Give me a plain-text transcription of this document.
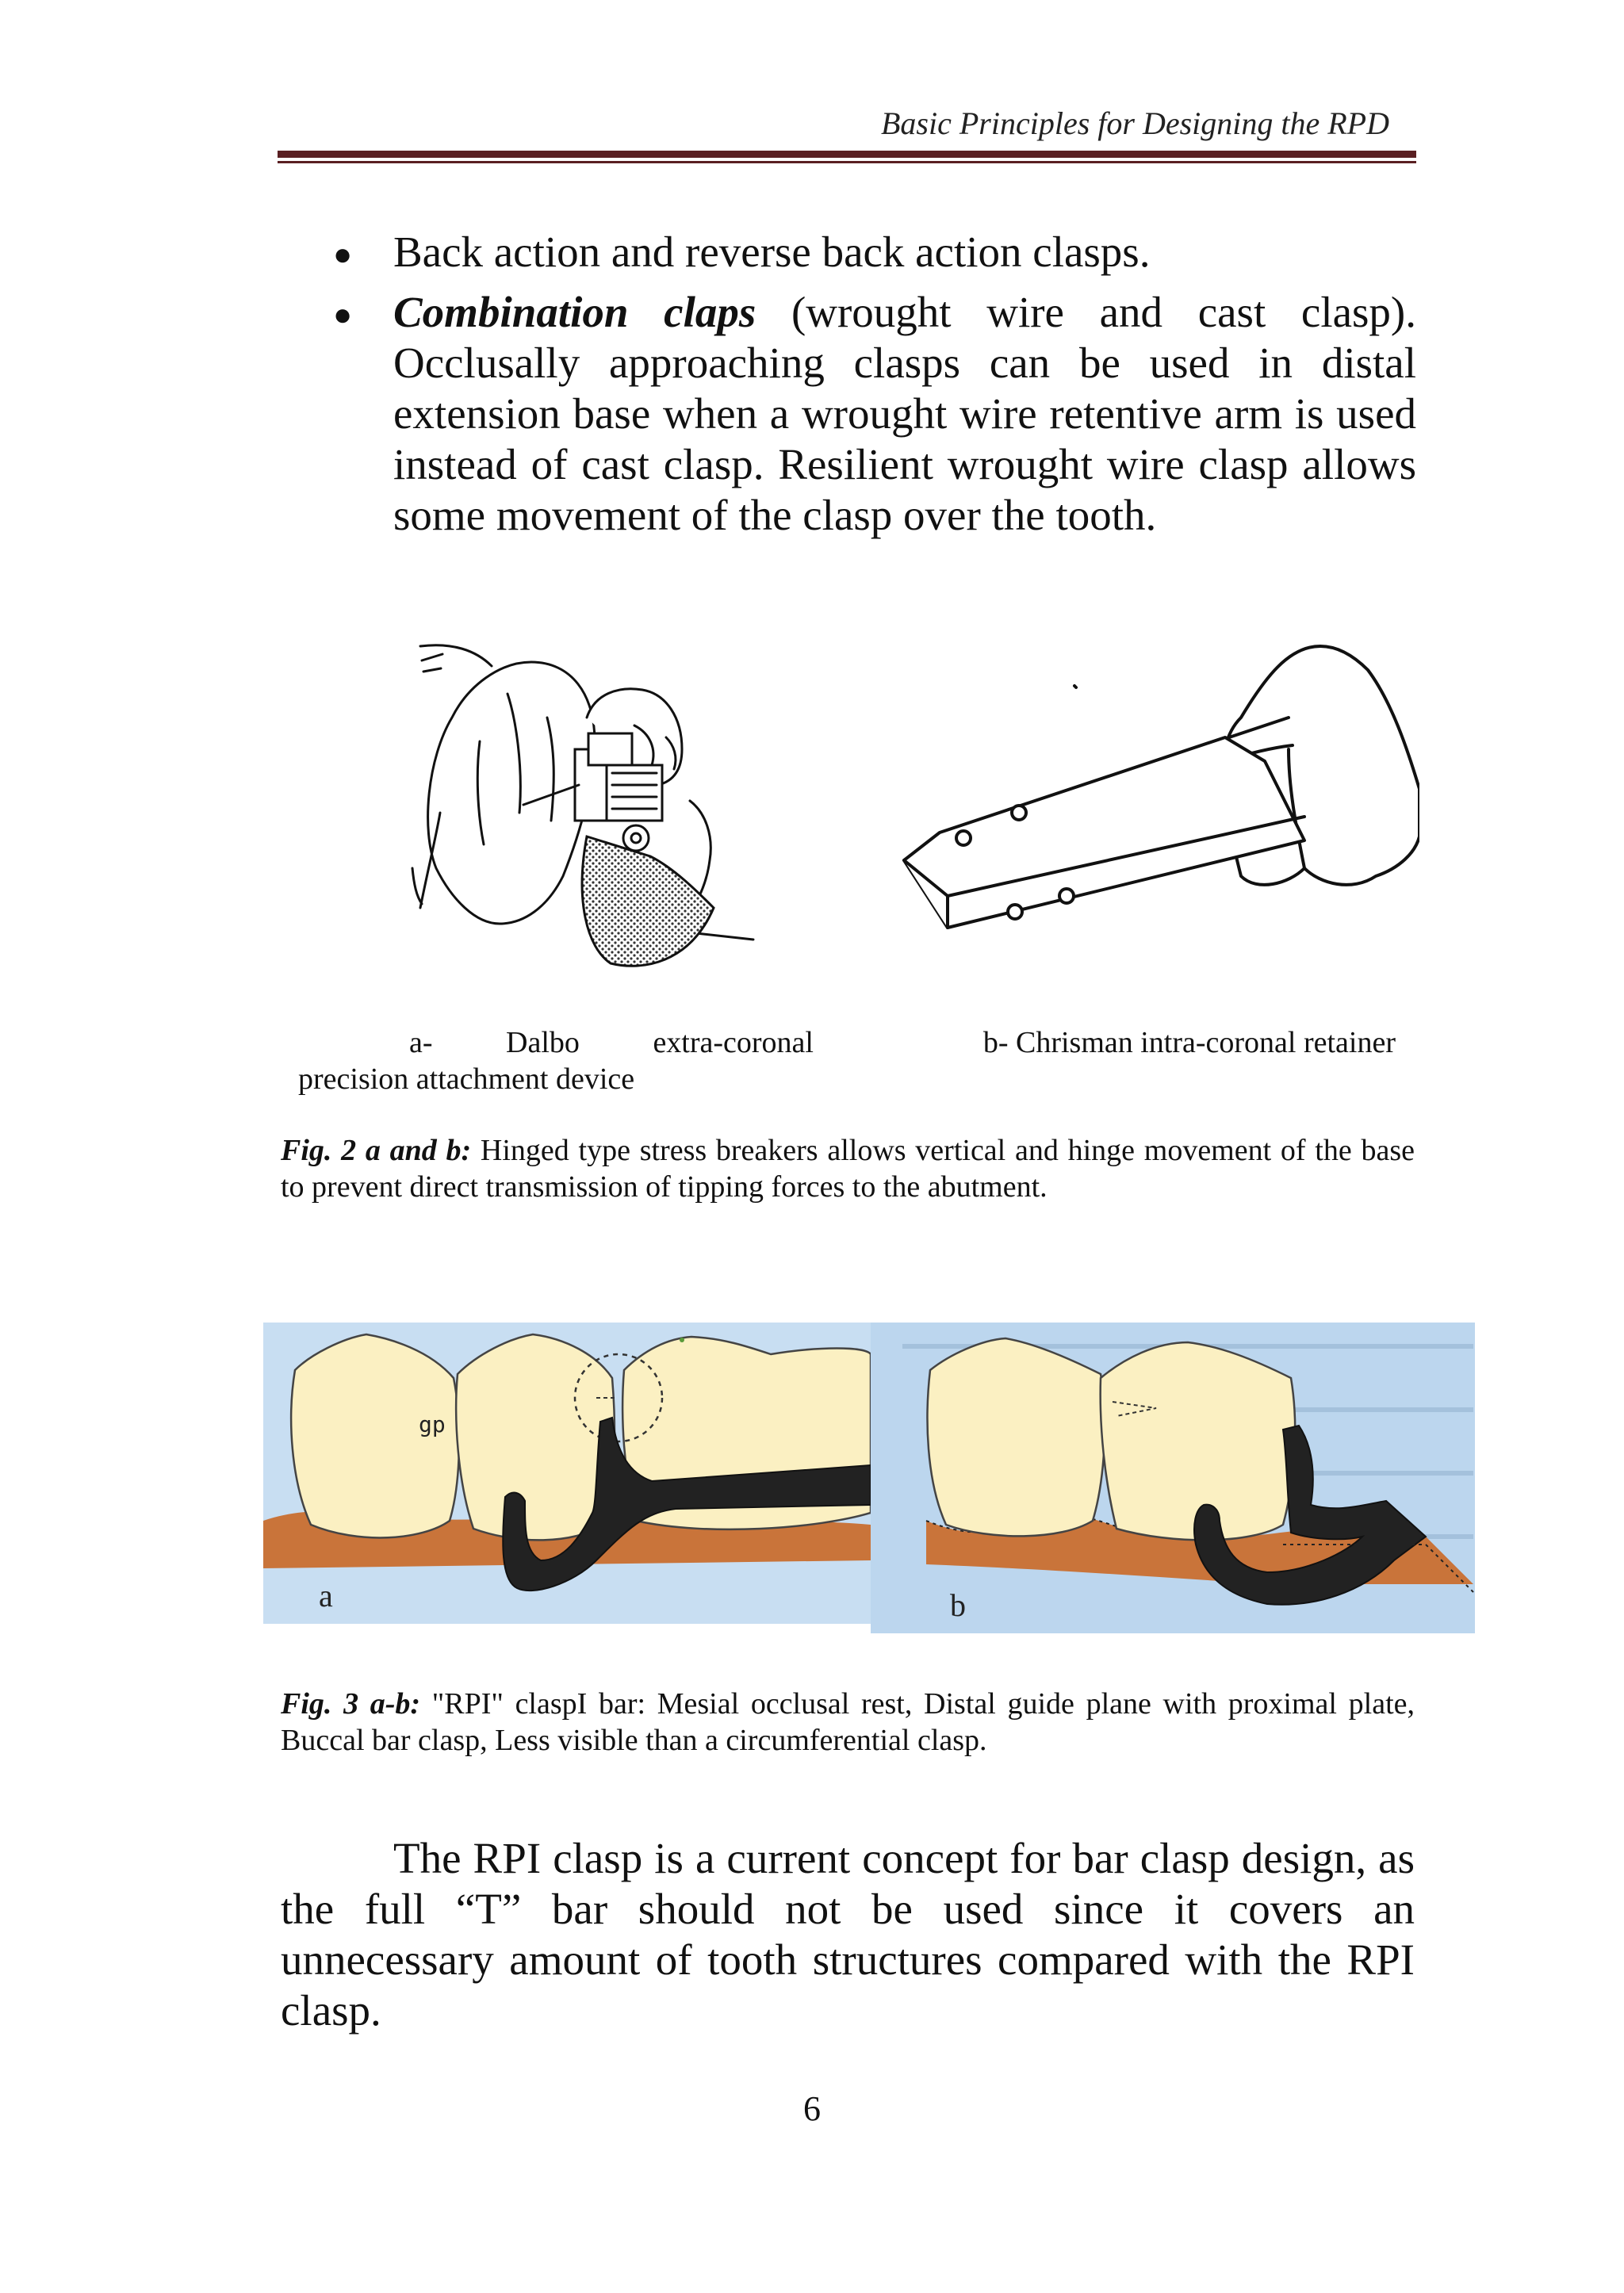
Basic Principles for Designing the RPD
● Back action and reverse back action clasps.
● Combination claps (wrought wire and cast clasp). Occlusally approaching clasps can be used in distal extension base when a wrought wire retentive arm is used instead of cast clasp. Resilient wrought wire clasp allows some movement of the clasp over the tooth.
a- Dalbo extra-coronal
precision attachment device
b- Chrisman intra-coronal retainer
Fig. 2 a and b: Hinged type stress breakers allows vertical and hinge movement of the base to prevent direct transmission of tipping forces to the abutment.
gp
a	b
Fig. 3 a-b: "RPI" claspI bar: Mesial occlusal rest, Distal guide plane with proximal plate, Buccal bar clasp, Less visible than a circumferential clasp.
The RPI clasp is a current concept for bar clasp design, as the full “T” bar should not be used since it covers an unnecessary amount of tooth structures compared with the RPI clasp.
6
